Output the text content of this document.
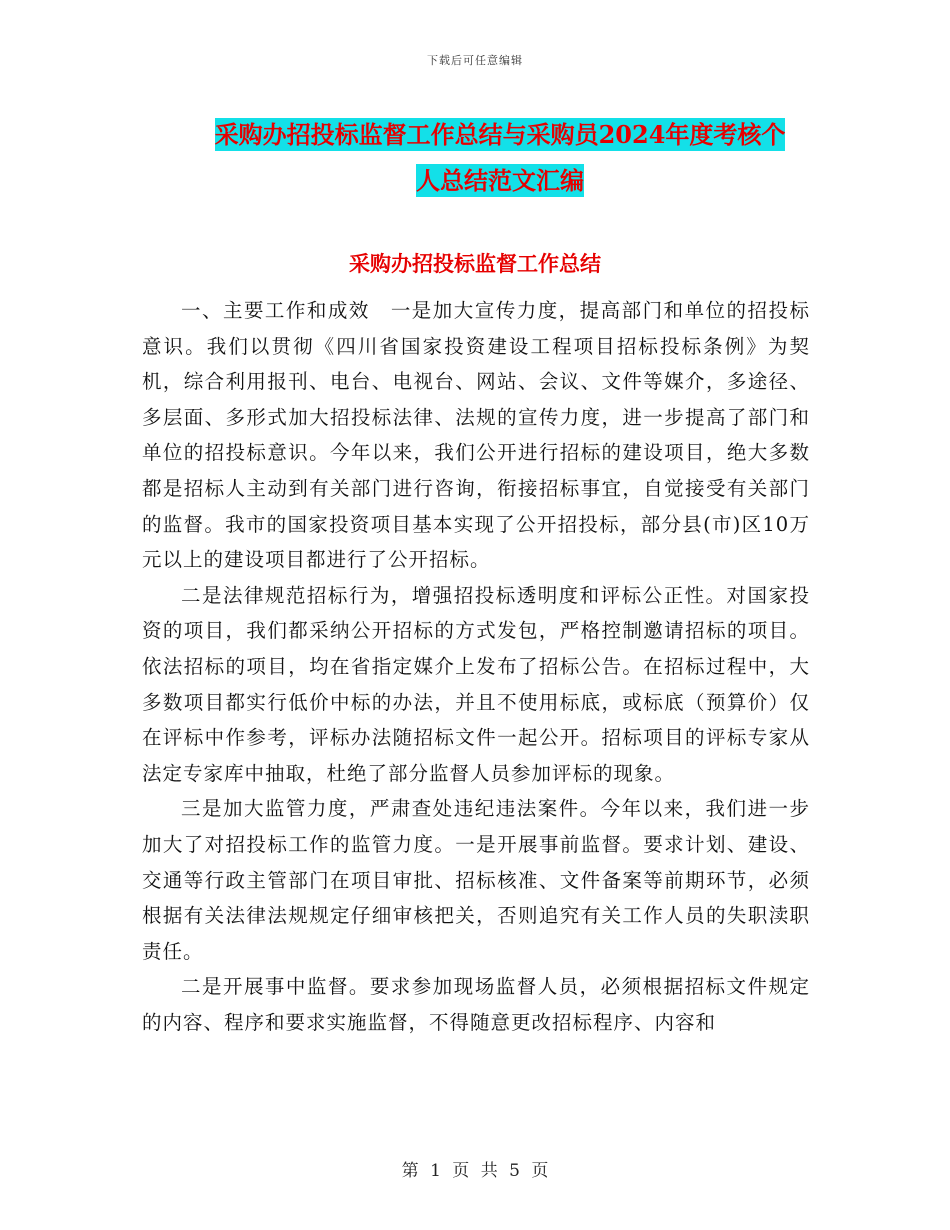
下载后可任意编辑
采购办招投标监督工作总结与采购员2024年度考核个
人总结范文汇编
采购办招投标监督工作总结

一、主要工作和成效　一是加大宣传力度，提高部门和单位的招投标意识。我们以贯彻《四川省国家投资建设工程项目招标投标条例》为契机，综合利用报刊、电台、电视台、网站、会议、文件等媒介，多途径、多层面、多形式加大招投标法律、法规的宣传力度，进一步提高了部门和单位的招投标意识。今年以来，我们公开进行招标的建设项目，绝大多数都是招标人主动到有关部门进行咨询，衔接招标事宜，自觉接受有关部门的监督。我市的国家投资项目基本实现了公开招投标，部分县(市)区10万元以上的建设项目都进行了公开招标。

二是法律规范招标行为，增强招投标透明度和评标公正性。对国家投资的项目，我们都采纳公开招标的方式发包，严格控制邀请招标的项目。依法招标的项目，均在省指定媒介上发布了招标公告。在招标过程中，大多数项目都实行低价中标的办法，并且不使用标底，或标底（预算价）仅在评标中作参考，评标办法随招标文件一起公开。招标项目的评标专家从法定专家库中抽取，杜绝了部分监督人员参加评标的现象。

三是加大监管力度，严肃查处违纪违法案件。今年以来，我们进一步加大了对招投标工作的监管力度。一是开展事前监督。要求计划、建设、交通等行政主管部门在项目审批、招标核准、文件备案等前期环节，必须根据有关法律法规规定仔细审核把关，否则追究有关工作人员的失职渎职责任。

二是开展事中监督。要求参加现场监督人员，必须根据招标文件规定的内容、程序和要求实施监督，不得随意更改招标程序、内容和

第 1 页 共 5 页
